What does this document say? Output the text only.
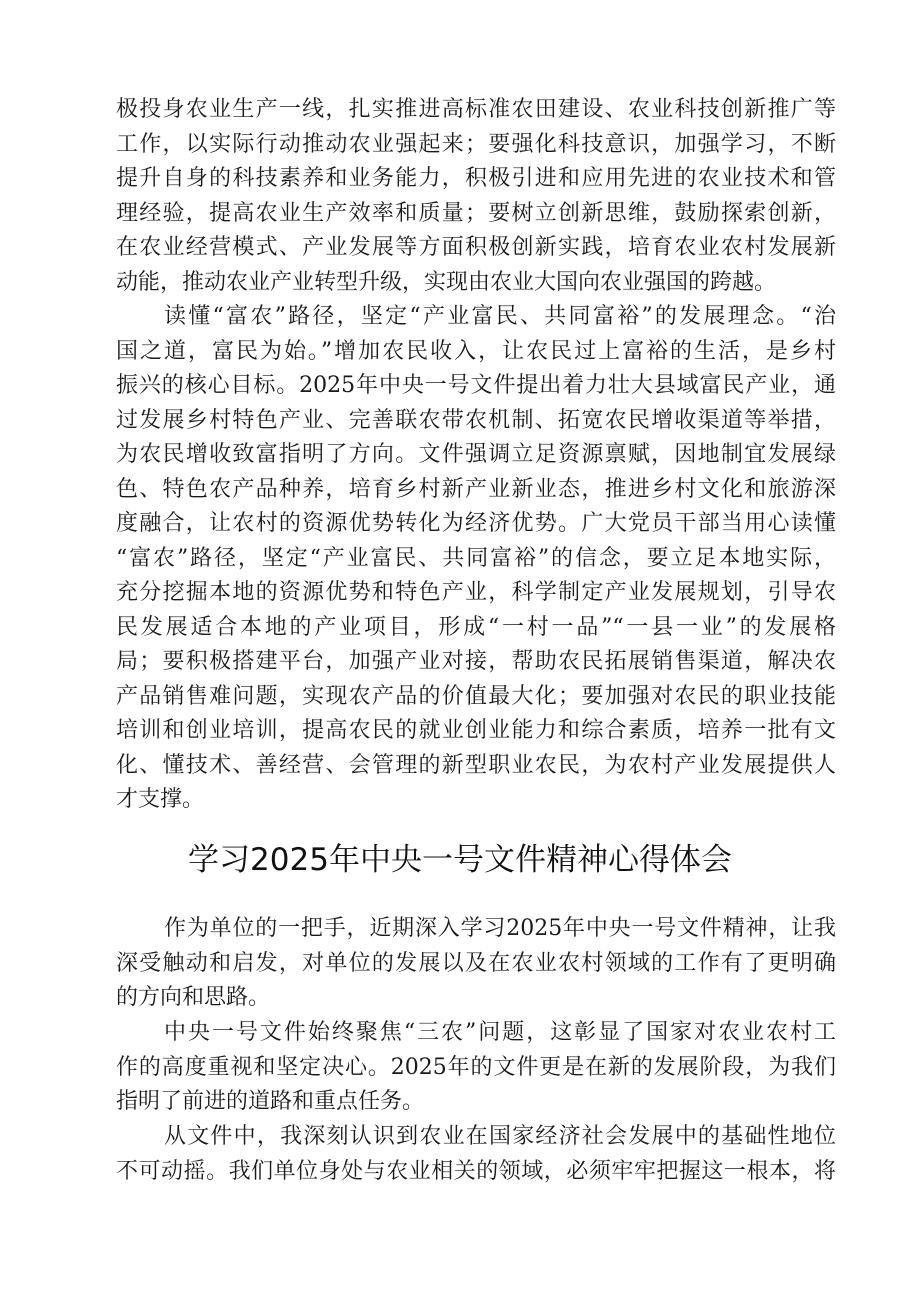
极投身农业生产一线，扎实推进高标准农田建设、农业科技创新推广等
工作，以实际行动推动农业强起来；要强化科技意识，加强学习，不断
提升自身的科技素养和业务能力，积极引进和应用先进的农业技术和管
理经验，提高农业生产效率和质量；要树立创新思维，鼓励探索创新，
在农业经营模式、产业发展等方面积极创新实践，培育农业农村发展新
动能，推动农业产业转型升级，实现由农业大国向农业强国的跨越。
读懂“富农”路径，坚定“产业富民、共同富裕”的发展理念。“治
国之道，富民为始。”增加农民收入，让农民过上富裕的生活，是乡村
振兴的核心目标。2025年中央一号文件提出着力壮大县域富民产业，通
过发展乡村特色产业、完善联农带农机制、拓宽农民增收渠道等举措，
为农民增收致富指明了方向。文件强调立足资源禀赋，因地制宜发展绿
色、特色农产品种养，培育乡村新产业新业态，推进乡村文化和旅游深
度融合，让农村的资源优势转化为经济优势。广大党员干部当用心读懂
“富农”路径，坚定“产业富民、共同富裕”的信念，要立足本地实际，
充分挖掘本地的资源优势和特色产业，科学制定产业发展规划，引导农
民发展适合本地的产业项目，形成“一村一品”“一县一业”的发展格
局；要积极搭建平台，加强产业对接，帮助农民拓展销售渠道，解决农
产品销售难问题，实现农产品的价值最大化；要加强对农民的职业技能
培训和创业培训，提高农民的就业创业能力和综合素质，培养一批有文
化、懂技术、善经营、会管理的新型职业农民，为农村产业发展提供人
才支撑。
学习2025年中央一号文件精神心得体会
作为单位的一把手，近期深入学习2025年中央一号文件精神，让我
深受触动和启发，对单位的发展以及在农业农村领域的工作有了更明确
的方向和思路。
中央一号文件始终聚焦“三农”问题，这彰显了国家对农业农村工
作的高度重视和坚定决心。2025年的文件更是在新的发展阶段，为我们
指明了前进的道路和重点任务。
从文件中，我深刻认识到农业在国家经济社会发展中的基础性地位
不可动摇。我们单位身处与农业相关的领域，必须牢牢把握这一根本，将
